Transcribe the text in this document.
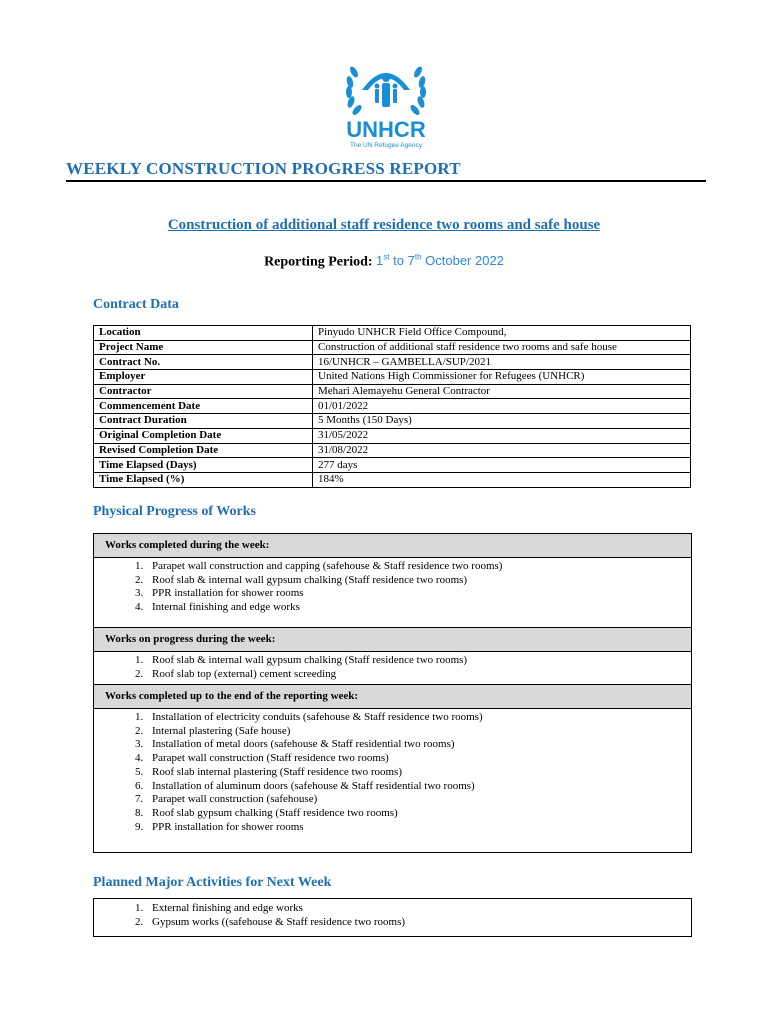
UNHCR
The UN Refugee Agency
WEEKLY CONSTRUCTION PROGRESS REPORT
Construction of additional staff residence two rooms and safe house
Reporting Period: 1st to 7th October 2022
Contract Data
Location	Pinyudo UNHCR Field Office Compound,
Project Name	Construction of additional staff residence two rooms and safe house
Contract No.	16/UNHCR – GAMBELLA/SUP/2021
Employer	United Nations High Commissioner for Refugees (UNHCR)
Contractor	Mehari Alemayehu General Contractor
Commencement Date	01/01/2022
Contract Duration	5 Months (150 Days)
Original Completion Date	31/05/2022
Revised Completion Date	31/08/2022
Time Elapsed (Days)	277 days
Time Elapsed (%)	184%
Physical Progress of Works
Works completed during the week:
1. Parapet wall construction and capping (safehouse & Staff residence two rooms)
2. Roof slab & internal wall gypsum chalking (Staff residence two rooms)
3. PPR installation for shower rooms
4. Internal finishing and edge works
Works on progress during the week:
1. Roof slab & internal wall gypsum chalking (Staff residence two rooms)
2. Roof slab top (external) cement screeding
Works completed up to the end of the reporting week:
1. Installation of electricity conduits (safehouse & Staff residence two rooms)
2. Internal plastering (Safe house)
3. Installation of metal doors (safehouse & Staff residential two rooms)
4. Parapet wall construction (Staff residence two rooms)
5. Roof slab internal plastering (Staff residence two rooms)
6. Installation of aluminum doors (safehouse & Staff residential two rooms)
7. Parapet wall construction (safehouse)
8. Roof slab gypsum chalking (Staff residence two rooms)
9. PPR installation for shower rooms
Planned Major Activities for Next Week
1. External finishing and edge works
2. Gypsum works ((safehouse & Staff residence two rooms)
